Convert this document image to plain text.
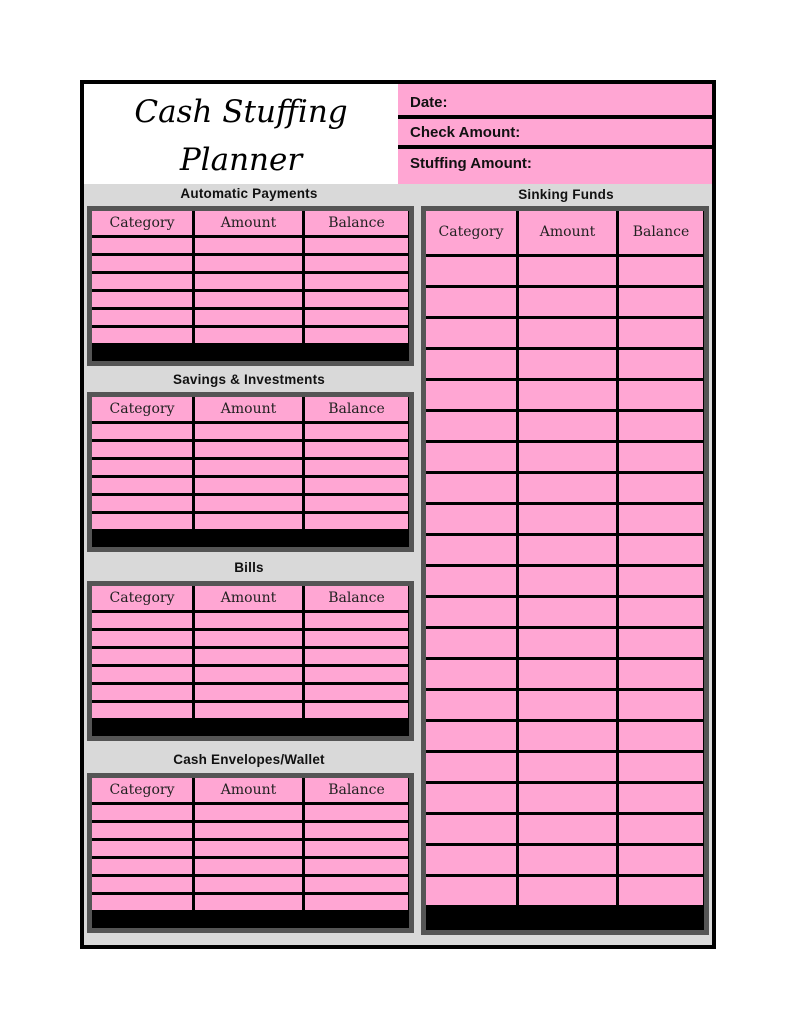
Cash Stuffing
Planner
Date:
Check Amount:
Stuffing Amount:
Automatic Payments
Savings & Investments
Bills
Cash Envelopes/Wallet
Sinking Funds
Category	Amount	Balance
Category	Amount	Balance
Category	Amount	Balance
Category	Amount	Balance
Category	Amount	Balance
